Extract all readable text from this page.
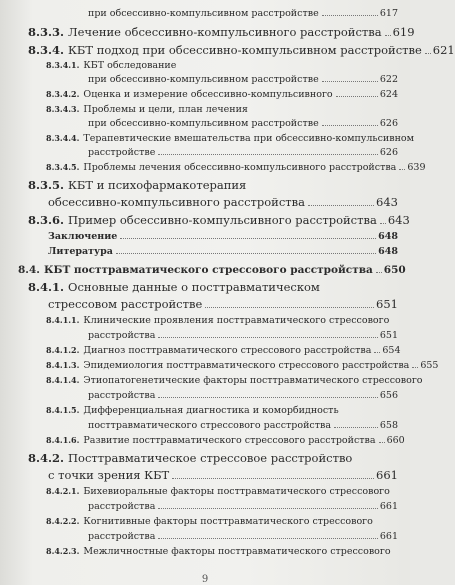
при обсессивно-компульсивном расстройстве	617
8.3.3. Лечение обсессивно-компульсивного расстройства 619
8.3.4. КБТ подход при обсессивно-компульсивном расстройстве 621
8.3.4.1. КБТ обследование
при обсессивно-компульсивном расстройстве	622
8.3.4.2. Оценка и измерение обсессивно-компульсивного	624
8.3.4.3. Проблемы и цели, план лечения
при обсессивно-компульсивном расстройстве	626
8.3.4.4. Терапевтические вмешательства при обсессивно-компульсивном
расстройстве	626
8.3.4.5. Проблемы лечения обсессивно-компульсивного расстройства 639
8.3.5. КБТ и психофармакотерапия
обсессивно-компульсивного расстройства	643
8.3.6. Пример обсессивно-компульсивного расстройства 643
Заключение	648
Литература	648
8.4. КБТ посттравматического стрессового расстройства 650
8.4.1. Основные данные о посттравматическом
стрессовом расстройстве	651
8.4.1.1. Клинические проявления посттравматического стрессового
расстройства	651
8.4.1.2. Диагноз посттравматического стрессового расстройства 654
8.4.1.3. Эпидемиология посттравматического стрессового расстройства 655
8.4.1.4. Этиопатогенетические факторы посттравматического стрессового
расстройства	656
8.4.1.5. Дифференциальная диагностика и коморбидность
посттравматического стрессового расстройства	658
8.4.1.6. Развитие посттравматического стрессового расстройства 660
8.4.2. Посттравматическое стрессовое расстройство
с точки зрения КБТ	661
8.4.2.1. Бихевиоральные факторы посттравматического стрессового
расстройства	661
8.4.2.2. Когнитивные факторы посттравматического стрессового
расстройства	661
8.4.2.3. Межличностные факторы посттравматического стрессового
9
